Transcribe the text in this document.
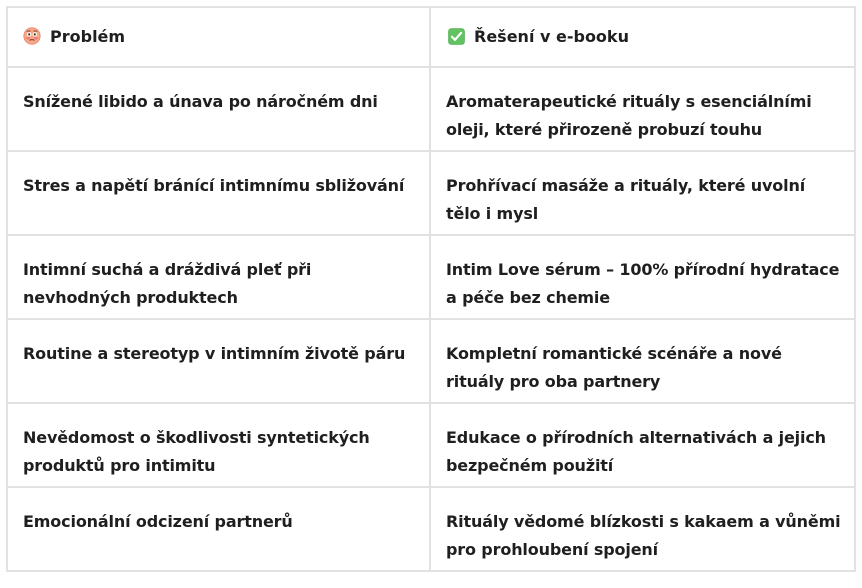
Problém	Řešení v e-booku

Snížené libido a únava po náročném dni	Aromaterapeutické rituály s esenciálními oleji, které přirozeně probuzí touhu
Stres a napětí bránící intimnímu sbližování	Prohřívací masáže a rituály, které uvolní tělo i mysl
Intimní suchá a dráždivá pleť při nevhodných produktech	Intim Love sérum – 100% přírodní hydratace a péče bez chemie
Routine a stereotyp v intimním životě páru	Kompletní romantické scénáře a nové rituály pro oba partnery
Nevědomost o škodlivosti syntetických produktů pro intimitu	Edukace o přírodních alternativách a jejich bezpečném použití
Emocionální odcizení partnerů	Rituály vědomé blízkosti s kakaem a vůněmi pro prohloubení spojení
